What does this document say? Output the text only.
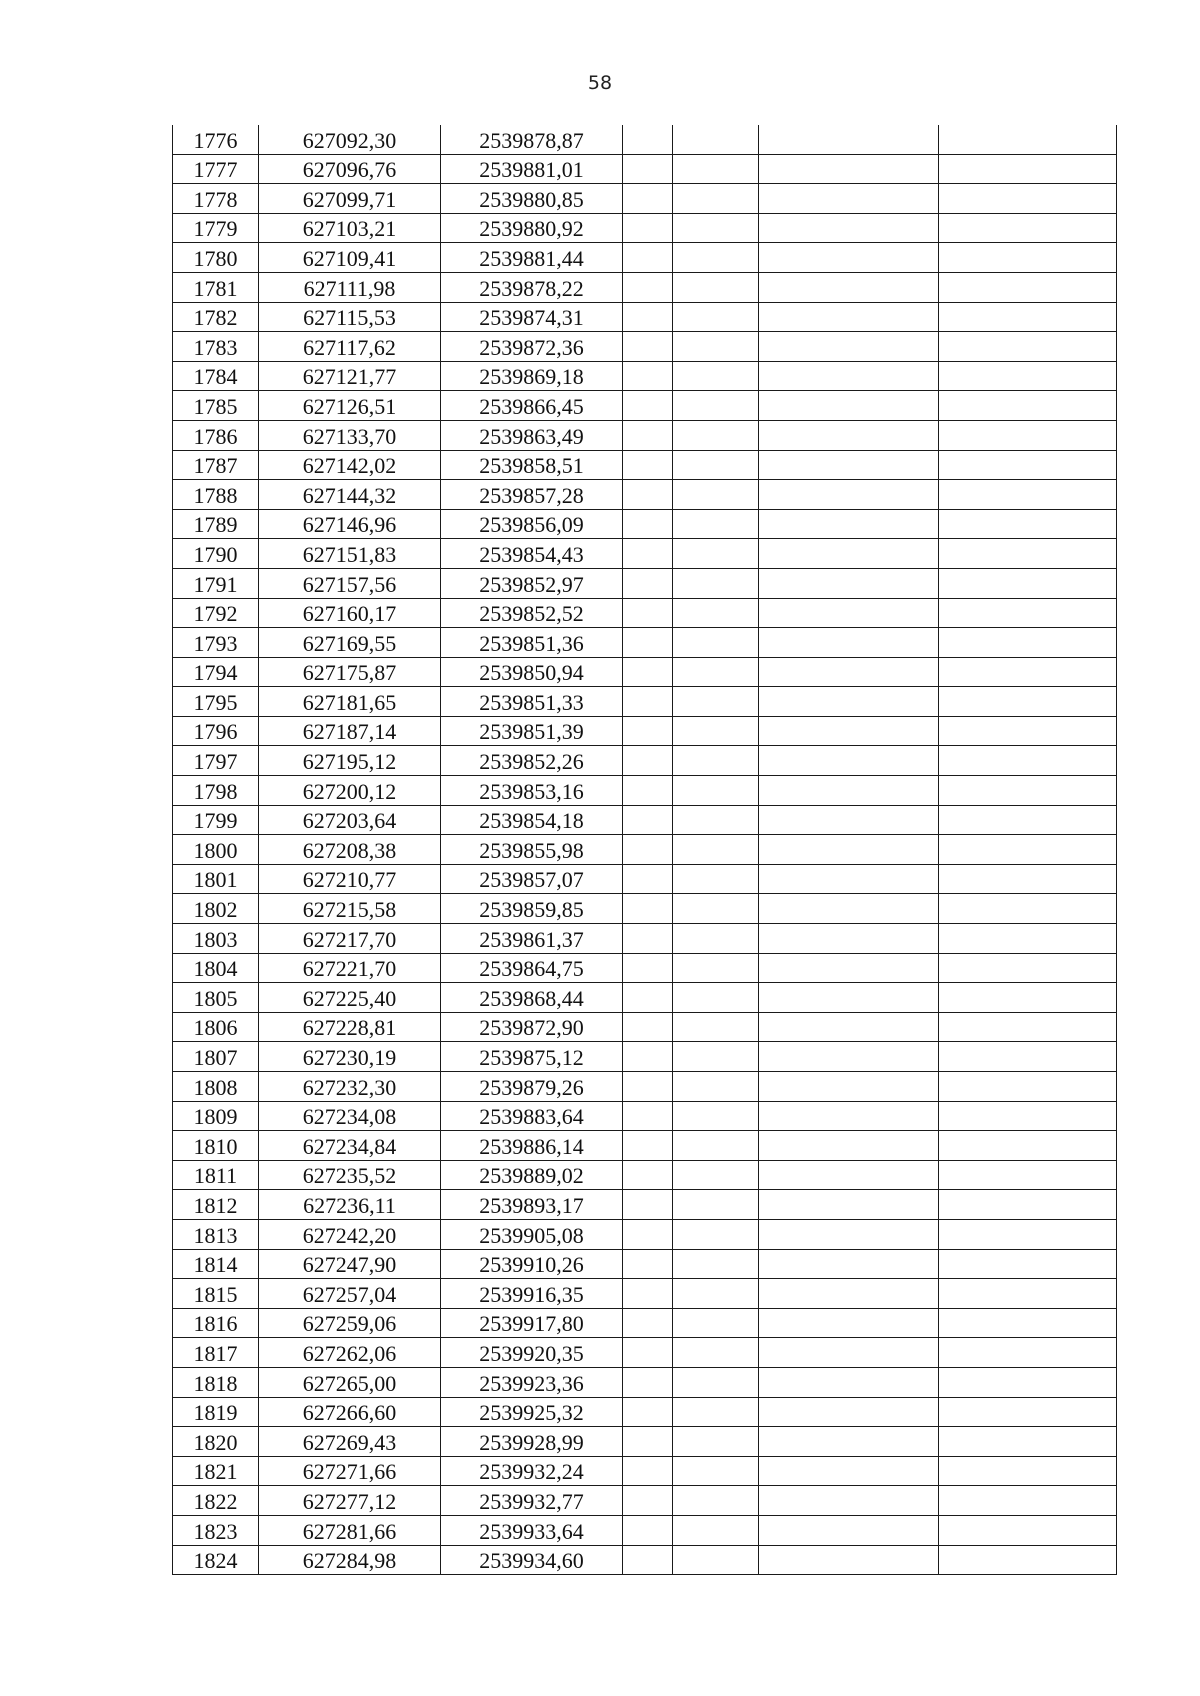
58
1776	627092,30	2539878,87				
1777	627096,76	2539881,01				
1778	627099,71	2539880,85				
1779	627103,21	2539880,92				
1780	627109,41	2539881,44				
1781	627111,98	2539878,22				
1782	627115,53	2539874,31				
1783	627117,62	2539872,36				
1784	627121,77	2539869,18				
1785	627126,51	2539866,45				
1786	627133,70	2539863,49				
1787	627142,02	2539858,51				
1788	627144,32	2539857,28				
1789	627146,96	2539856,09				
1790	627151,83	2539854,43				
1791	627157,56	2539852,97				
1792	627160,17	2539852,52				
1793	627169,55	2539851,36				
1794	627175,87	2539850,94				
1795	627181,65	2539851,33				
1796	627187,14	2539851,39				
1797	627195,12	2539852,26				
1798	627200,12	2539853,16				
1799	627203,64	2539854,18				
1800	627208,38	2539855,98				
1801	627210,77	2539857,07				
1802	627215,58	2539859,85				
1803	627217,70	2539861,37				
1804	627221,70	2539864,75				
1805	627225,40	2539868,44				
1806	627228,81	2539872,90				
1807	627230,19	2539875,12				
1808	627232,30	2539879,26				
1809	627234,08	2539883,64				
1810	627234,84	2539886,14				
1811	627235,52	2539889,02				
1812	627236,11	2539893,17				
1813	627242,20	2539905,08				
1814	627247,90	2539910,26				
1815	627257,04	2539916,35				
1816	627259,06	2539917,80				
1817	627262,06	2539920,35				
1818	627265,00	2539923,36				
1819	627266,60	2539925,32				
1820	627269,43	2539928,99				
1821	627271,66	2539932,24				
1822	627277,12	2539932,77				
1823	627281,66	2539933,64				
1824	627284,98	2539934,60				
